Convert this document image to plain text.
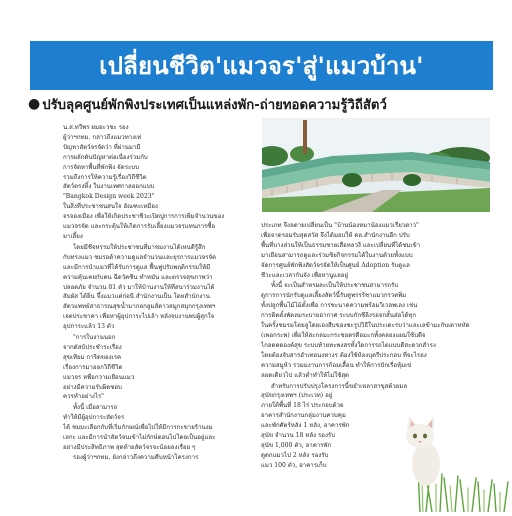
เปลี่ยนชีวิต'แมวจร'สู่'แมวบ้าน'
● ปรับลุคศูนย์พักพิงประเทศเป็นแหล่งพัก-ถ่ายทอดความรู้วิถีสัตว์

น.ส.ทวีพร ผมอะวชะ รอง

ผู้ว่าฯกทม. กล่าวถึงแมวทางเท่

ปัญหาสัตว์จรจัดว่า ที่ผ่านมามี

การผลักดันปัญหาต่อเนื่องร่วมกับ

การจัดหาพื้นที่พักพิง จัดระบบ

รวมถึงการให้ความรู้เรื่องวิถีชีวิต

สัตว์ตรงหิ้ง ในงานเทศกาลออกแบบ

"Bangkok Design week 2023"

ในสิ่งที่ประชาชนสนใจ อัณฑะเหมือง

จรจองเมือง เพื่อให้เกิดประชาชีวะเปิดปูการการเพิ่มจำนวนของ

แมวจรจัด และกระตุ้นให้เกิดการรับเลี้ยงแมวจรแทนการซื้อ

มาเลี้ยง

โดยมีชีจหรรมให้ประชาชนที่มาชมงานได้เหนดีรู้สึก

กับทรงแมว ชมรอด้าความดูแลจำนวนเเละยุรการแมวจรจัด

และมีการนำแมวที่ได้รับการดูแล ฟื้นฟูปรับพฤติกรรมให้มี

ความคุ้นเคยกับคน ฉีดวัคซีน ทำหมัน และตรวจสุขภาพว่า

ปลอดภัย จำนวน 81 ตัว มาให้บ้านงานให้ที่สนาร่วมงานได้

สัมผัส ได้ยิ่น จึ้งแมวแต่ก่อนี สำนักงานเป็น โดยสำนักงาน

สัตวแพทย์สาธารณสุขน้ำมากอกลูมส์ดาวสมูกสมุกกรุงเทพฯ

เจตประชาคา เพื่อหาผู้อุปการะไปเล้า หลังจบงานพบผู้สุกใจ

อุปการะแล้ว 13 ตัว

"การในงานนอก

จากดัสบ้ประชำระเรื่อง

สุขเทียม การิดของเรค

เรื่องการมาออกวิถีชีวิต

แมวจร หพื่อกวามเยือนแมว

อย่างมีความรับผิดชอบ

ควรทำอย่างไร"

ทั้งนี้ เมื่อสามารถ

ทำให้มีผู้อุปการะสัตว์จร

ได้ ชมมะเลือกกับที่เริ่มกักษณ์เพื่อไปให้มีการกะขายร้านงม

เลกะ และมีการนำสัตว์จนเข้าไม่กักษ์ตอนไปโดยเป็นอยู่และ

อย่างมีประสิทธิภาพ สุดท้ายสัตว์จรจะน้อยลงเรื่อย ๆ

รองผู้ว่าฯกทม. ยังกล่าวถึงความคืบหน้าโครงการ

ประเภท จึงลดายเปลี่ยนเป็น "บ้านน้องหมาน้องแมวเรี่ยวตาว"

เพื่อจาดรอมรับสุดสวัส จึงได้มอบให้ ดล.สำนักงานอีก ปรับ

พื้นที่บางส่วนให้เป็นธรรมชายเสื่อหลวงี และเปลี่ยนที่ได้ชมเข้า

มาเยือนสามารถดูและร่วมชิยกิจกรรมได้ในงานด้วยทั้งแบบ

จัดการศูนย์พักพิงสัตว์จรจัดให้เป็นศูนย์ Adoption รับดูแล

ชีวะและเวลากันจัง เพื่อหานูแลอยู่

ทั้งนี้ จะเป็นสำหรผละเป็นให้ประชาชนสามารถรับ

ดูการการนักรับดูแลเลี้ยงสัตว์นี้รับดูพรรร์ชาแมวกรวดพิ่ม

ทั้งปลูกพื้นไม้ไม้ตั้งเพื่อ การชะนาดความพร้อมวิเวลพเลง เช่น

การติดตั้งพัดลมระบายอากาศ ระบบกักชีลิงรอจกสั้นส่อได้ทุก

ในครั้งชมรมโดยลูโดยเองสืบของชะรูปวิธีในประเดะรบว่าและเลข้ามะกับเดาหหัด

(เพอกระพ) เพื่อให้สะกลมะกระชอดรดือมะกทั้งคลองแผมใช้บดีจ

ไกลดดดองค์สุข ระบบท้ายทะพงสรทั้งใดการรถไตแบบดีสะดวกสำรง

โดยต้องจับสารอำเทอนงทางร ต้องใช้ห้องบุดรีประกอบ ที่จะไรอง

ความสมูห้ว รวมมงานการก้อมเลื้อน ทำให้การปักเรื่อหุ้มเข่

ลอดเดียวไป แล้วต่ำทำให้ไม่ใช้สุด

สำหรับการปรับปรุงโครงการนี้ขยำเหลาสาขุสด้วยมล

สุนัขกรุงเทพฯ (ประเวท) อยู่

ภายใต้พื้นที่ 18 ไร่ ประกอบด้วย

อาคารสำนักงานกลุ่มงานควบคุม

และพักศัตร์หลัง 1 หลัง, อาคารพัก

สุนัข จำนวน 18 หลัง รองรับ

สุนัข 1,000 ตัว, อาคารพัก

ดูดกแมวไป 2 หลัง รองรับ

แมว 100 ตัว, อาคารเก็บ
